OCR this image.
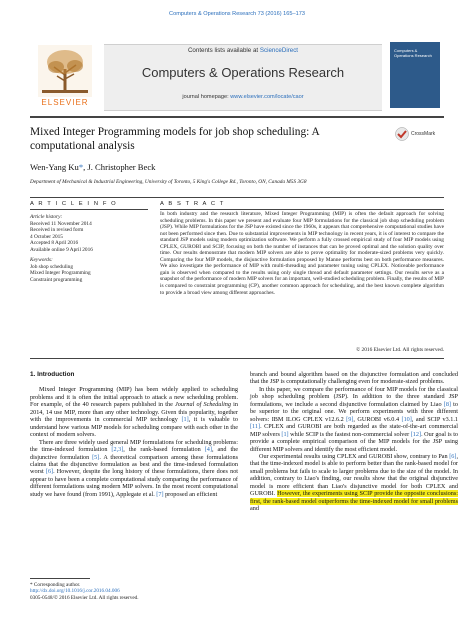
Computers & Operations Research 73 (2016) 165–173
ELSEVIER
Contents lists available at ScienceDirect
Computers & Operations Research
journal homepage: www.elsevier.com/locate/caor
Computers & Operations Research
Mixed Integer Programming models for job shop scheduling: A computational analysis
CrossMark
Wen-Yang Ku*, J. Christopher Beck
Department of Mechanical & Industrial Engineering, University of Toronto, 5 King's College Rd., Toronto, ON, Canada M5S 3G8
A R T I C L E I N F O	A B S T R A C T
Article history:
Received 11 November 2014
Received in revised form
4 October 2015
Accepted 8 April 2016
Available online 9 April 2016
Keywords:
Job shop scheduling
Mixed Integer Programming
Constraint programming
In both industry and the research literature, Mixed Integer Programming (MIP) is often the default approach for solving scheduling problems. In this paper we present and evaluate four MIP formulations for the classical job shop scheduling problem (JSP). While MIP formulations for the JSP have existed since the 1960s, it appears that comprehensive computational studies have not been performed since then. Due to substantial improvements in MIP technology in recent years, it is of interest to compare the standard JSP models using modern optimization software. We perform a fully crossed empirical study of four MIP models using CPLEX, GUROBI and SCIP, focusing on both the number of instances that can be proved optimal and the solution quality over time. Our results demonstrate that modern MIP solvers are able to prove optimality for moderate-sized problems very quickly. Comparing the four MIP models, the disjunctive formulation proposed by Manne performs best on both performance measures. We also investigate the performance of MIP with multi-threading and parameter tuning using CPLEX. Noticeable performance gain is observed when compared to the results using only single thread and default parameter settings. Our results serve as a snapshot of the performance of modern MIP solvers for an important, well-studied scheduling problem. Finally, the results of MIP is compared to constraint programming (CP), another common approach for scheduling, and the best known complete algorithm to provide a broad view among different approaches.
© 2016 Elsevier Ltd. All rights reserved.
1. Introduction

Mixed Integer Programming (MIP) has been widely applied to scheduling problems and it is often the initial approach to attack a new scheduling problem. For example, of the 40 research papers published in the Journal of Scheduling in 2014, 14 use MIP, more than any other technology. Given this popularity, together with the improvements in commercial MIP technology [1], it is valuable to understand how various MIP models for scheduling compare with each other in the context of modern solvers.

There are three widely used general MIP formulations for scheduling problems: the time-indexed formulation [2,3], the rank-based formulation [4], and the disjunctive formulation [5]. A theoretical comparison among these formulations claims that the disjunctive formulation as best and the time-indexed formulation worst [6]. However, despite the long history of these formulations, there does not appear to have been a complete computational study comparing the performance of different formulations using modern MIP solvers. In the most recent computational study we have found (from 1991), Applegate et al. [7] proposed an efficient

branch and bound algorithm based on the disjunctive formulation and concluded that the JSP is computationally challenging even for moderate-sized problems.

In this paper, we compare the performance of four MIP models for the classical job shop scheduling problem (JSP). In addition to the three standard JSP formulations, we include a second disjunctive formulation claimed by Liao [8] to be superior to the original one. We perform experiments with three different solvers: IBM ILOG CPLEX v12.6.2 [9], GUROBI v6.0.4 [10], and SCIP v3.1.1 [11]. CPLEX and GUROBI are both regarded as the state-of-the-art commercial MIP solvers [1] while SCIP is the fastest non-commercial solver [12]. Our goal is to provide a complete empirical comparison of the MIP models for the JSP using different MIP solvers and identify the most efficient model.

Our experimental results using CPLEX and GUROBI show, contrary to Pan [6], that the time-indexed model is able to perform better than the rank-based model for small problems but fails to scale to larger problems due to the size of the model. In addition, contrary to Liao's finding, our results show that the original disjunctive model is more efficient than Liao's disjunctive model for both CPLEX and GUROBI. However, the experiments using SCIP provide the opposite conclusions: first, the rank-based model outperforms the time-indexed model for small problems and

* Corresponding author.
http://dx.doi.org/10.1016/j.cor.2016.04.006
0305-0548/© 2016 Elsevier Ltd. All rights reserved.
